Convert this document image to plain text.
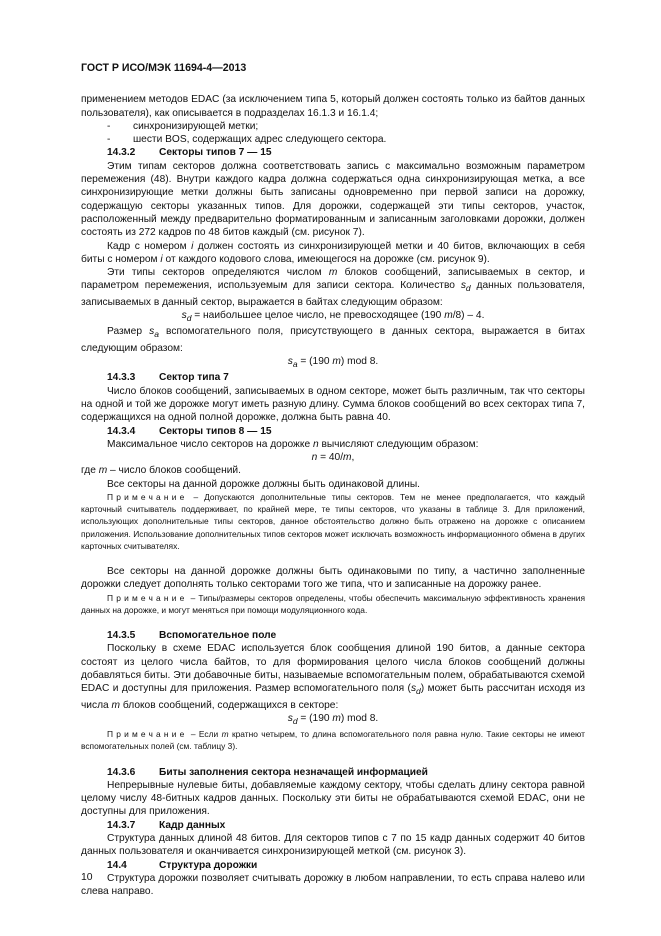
ГОСТ Р ИСО/МЭК 11694-4—2013

применением методов EDAC (за исключением типа 5, который должен состоять только из байтов данных пользователя), как описывается в подразделах 16.1.3 и 16.1.4;

-	синхронизирующей метки;

-	шести BOS, содержащих адрес следующего сектора.

14.3.2 Секторы типов 7 — 15

Этим типам секторов должна соответствовать запись с максимально возможным параметром перемежения (48). Внутри каждого кадра должна содержаться одна синхронизирующая метка, а все синхронизирующие метки должны быть записаны одновременно при первой записи на дорожку, содержащую секторы указанных типов. Для дорожки, содержащей эти типы секторов, участок, расположенный между предварительно форматированным и записанным заголовками дорожки, должен состоять из 272 кадров по 48 битов каждый (см. рисунок 7).

Кадр с номером i должен состоять из синхронизирующей метки и 40 битов, включающих в себя биты с номером i от каждого кодового слова, имеющегося на дорожке (см. рисунок 9).

Эти типы секторов определяются числом m блоков сообщений, записываемых в сектор, и параметром перемежения, используемым для записи сектора. Количество $s_d$ данных пользователя, записываемых в данный сектор, выражается в байтах следующим образом:

$s_d$ = наибольшее целое число, не превосходящее (190 m/8) – 4.

Размер $s_a$ вспомогательного поля, присутствующего в данных сектора, выражается в битах следующим образом:

$s_a = (190$ m) mod 8.

14.3.3 Сектор типа 7

Число блоков сообщений, записываемых в одном секторе, может быть различным, так что секторы на одной и той же дорожке могут иметь разную длину. Сумма блоков сообщений во всех секторах типа 7, содержащихся на одной полной дорожке, должна быть равна 40.

14.3.4 Секторы типов 8 — 15

Максимальное число секторов на дорожке n вычисляют следующим образом:

n = 40/m,

где m – число блоков сообщений.

Все секторы на данной дорожке должны быть одинаковой длины.

Примечание – Допускаются дополнительные типы секторов. Тем не менее предполагается, что каждый карточный считыватель поддерживает, по крайней мере, те типы секторов, что указаны в таблице 3. Для приложений, использующих дополнительные типы секторов, данное обстоятельство должно быть отражено на дорожке с описанием приложения. Использование дополнительных типов секторов может исключать возможность информационного обмена в других карточных считывателях.

Все секторы на данной дорожке должны быть одинаковыми по типу, а частично заполненные дорожки следует дополнять только секторами того же типа, что и записанные на дорожку ранее.

Примечание – Типы/размеры секторов определены, чтобы обеспечить максимальную эффективность хранения данных на дорожке, и могут меняться при помощи модуляционного кода.

14.3.5 Вспомогательное поле

Поскольку в схеме EDAC используется блок сообщения длиной 190 битов, а данные сектора состоят из целого числа байтов, то для формирования целого числа блоков сообщений должны добавляться биты. Эти добавочные биты, называемые вспомогательным полем, обрабатываются схемой EDAC и доступны для приложения. Размер вспомогательного поля $(s_d)$ может быть рассчитан исходя из числа m блоков сообщений, содержащихся в секторе:

$s_d = (190$ m) mod 8.

Примечание – Если m кратно четырем, то длина вспомогательного поля равна нулю. Такие секторы не имеют вспомогательных полей (см. таблицу 3).

14.3.6 Биты заполнения сектора незначащей информацией

Непрерывные нулевые биты, добавляемые каждому сектору, чтобы сделать длину сектора равной целому числу 48-битных кадров данных. Поскольку эти биты не обрабатываются схемой EDAC, они не доступны для приложения.

14.3.7 Кадр данных

Структура данных длиной 48 битов. Для секторов типов с 7 по 15 кадр данных содержит 40 битов данных пользователя и оканчивается синхронизирующей меткой (см. рисунок 3).

14.4	Структура дорожки

Структура дорожки позволяет считывать дорожку в любом направлении, то есть справа налево или слева направо.

10
